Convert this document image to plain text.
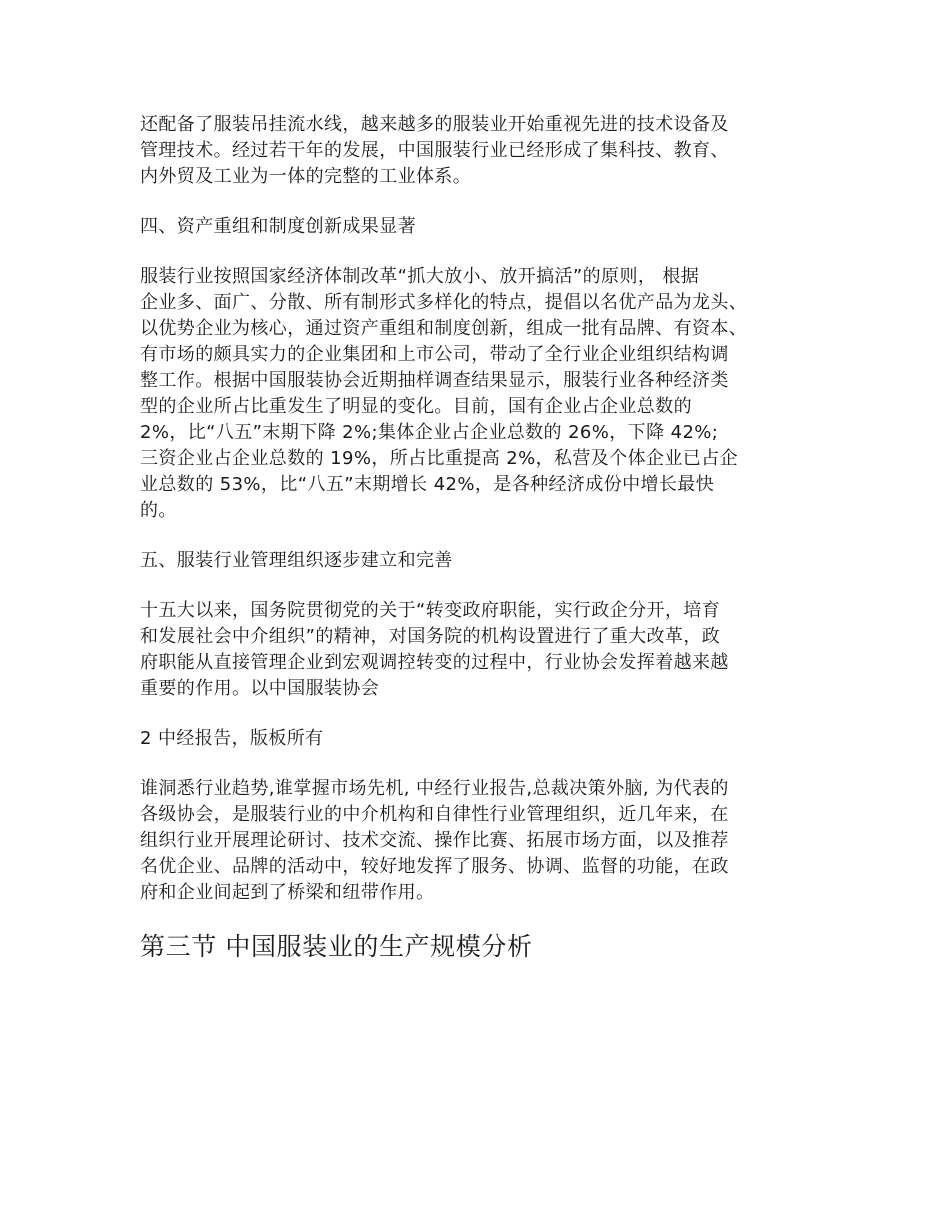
还配备了服装吊挂流水线，越来越多的服装业开始重视先进的技术设备及
管理技术。经过若干年的发展，中国服装行业已经形成了集科技、教育、
内外贸及工业为一体的完整的工业体系。
四、资产重组和制度创新成果显著
服装行业按照国家经济体制改革“抓大放小、放开搞活”的原则， 根据
企业多、面广、分散、所有制形式多样化的特点，提倡以名优产品为龙头、
以优势企业为核心，通过资产重组和制度创新，组成一批有品牌、有资本、
有市场的颇具实力的企业集团和上市公司，带动了全行业企业组织结构调
整工作。根据中国服装协会近期抽样调查结果显示，服装行业各种经济类
型的企业所占比重发生了明显的变化。目前，国有企业占企业总数的
2%，比“八五”末期下降 2%;集体企业占企业总数的 26%，下降 42%;
三资企业占企业总数的 19%，所占比重提高 2%，私营及个体企业已占企
业总数的 53%，比“八五”末期增长 42%，是各种经济成份中增长最快
的。
五、服装行业管理组织逐步建立和完善
十五大以来，国务院贯彻党的关于“转变政府职能，实行政企分开，培育
和发展社会中介组织”的精神，对国务院的机构设置进行了重大改革，政
府职能从直接管理企业到宏观调控转变的过程中，行业协会发挥着越来越
重要的作用。以中国服装协会
2 中经报告，版板所有
谁洞悉行业趋势,谁掌握市场先机, 中经行业报告,总裁决策外脑, 为代表的
各级协会，是服装行业的中介机构和自律性行业管理组织，近几年来，在
组织行业开展理论研讨、技术交流、操作比赛、拓展市场方面，以及推荐
名优企业、品牌的活动中，较好地发挥了服务、协调、监督的功能，在政
府和企业间起到了桥梁和纽带作用。
第三节 中国服装业的生产规模分析
